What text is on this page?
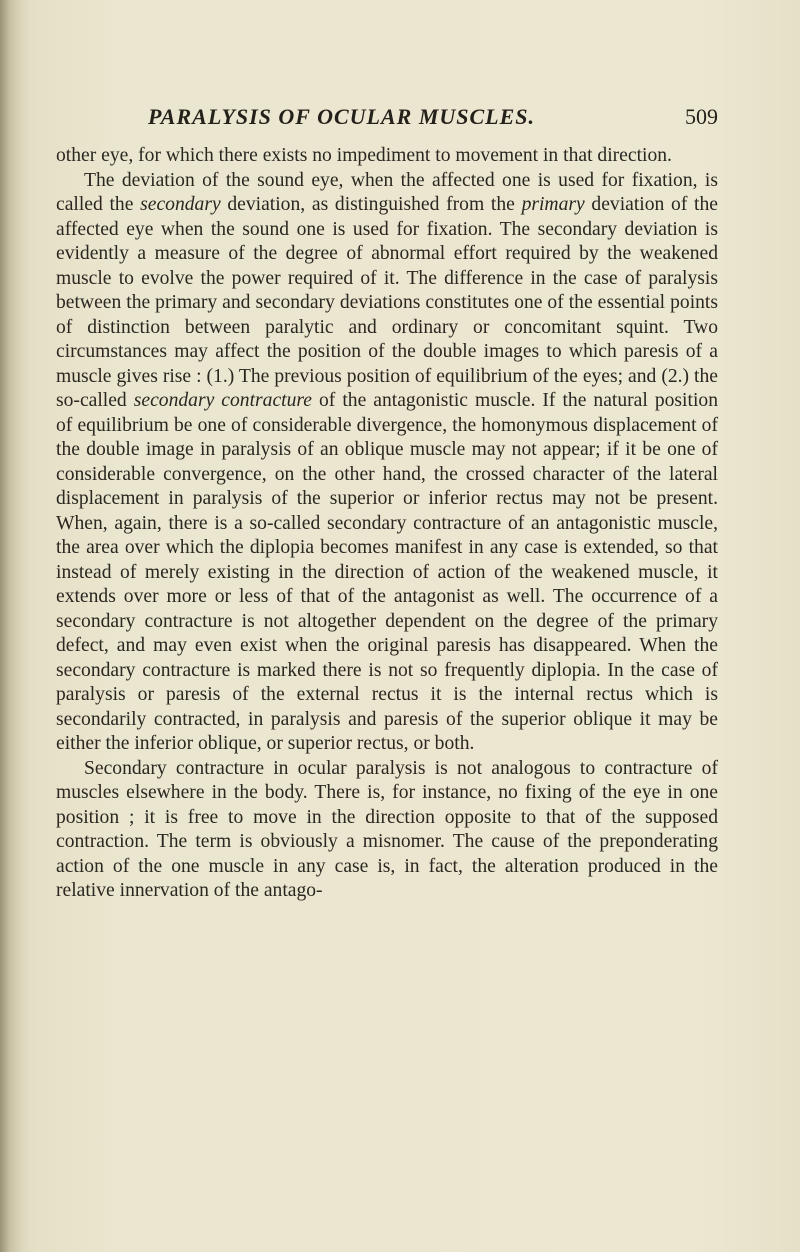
PARALYSIS OF OCULAR MUSCLES.	509

other eye, for which there exists no impediment to movement in that direction.

The deviation of the sound eye, when the affected one is used for fixation, is called the secondary deviation, as distinguished from the primary deviation of the affected eye when the sound one is used for fixation. The secondary deviation is evidently a measure of the degree of abnormal effort required by the weakened muscle to evolve the power required of it. The difference in the case of paralysis between the primary and secondary deviations constitutes one of the essential points of distinction between paralytic and ordinary or concomitant squint. Two circumstances may affect the position of the double images to which paresis of a muscle gives rise : (1.) The previous position of equilibrium of the eyes; and (2.) the so-called secondary contracture of the antagonistic muscle. If the natural position of equilibrium be one of considerable divergence, the homonymous displacement of the double image in paralysis of an oblique muscle may not appear; if it be one of considerable convergence, on the other hand, the crossed character of the lateral displacement in paralysis of the superior or inferior rectus may not be present. When, again, there is a so-called secondary contracture of an antagonistic muscle, the area over which the diplopia becomes manifest in any case is extended, so that instead of merely existing in the direction of action of the weakened muscle, it extends over more or less of that of the antagonist as well. The occurrence of a secondary contracture is not altogether dependent on the degree of the primary defect, and may even exist when the original paresis has disappeared. When the secondary contracture is marked there is not so frequently diplopia. In the case of paralysis or paresis of the external rectus it is the internal rectus which is secondarily contracted, in paralysis and paresis of the superior oblique it may be either the inferior oblique, or superior rectus, or both.

Secondary contracture in ocular paralysis is not analogous to contracture of muscles elsewhere in the body. There is, for instance, no fixing of the eye in one position ; it is free to move in the direction opposite to that of the supposed contraction. The term is obviously a misnomer. The cause of the preponderating action of the one muscle in any case is, in fact, the alteration produced in the relative innervation of the antago-
